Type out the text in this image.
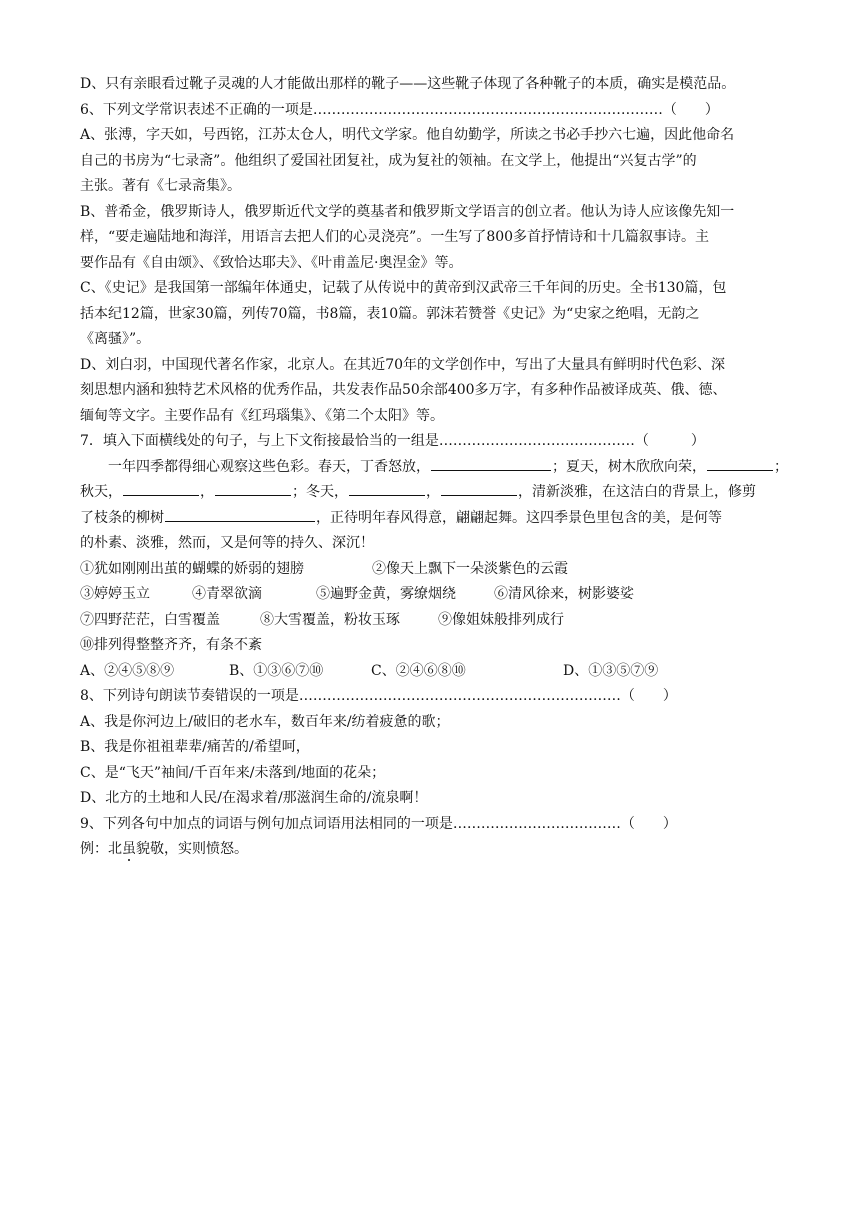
D、只有亲眼看过靴子灵魂的人才能做出那样的靴子——这些靴子体现了各种靴子的本质，确实是模范品。
6、下列文学常识表述不正确的一项是…………………………………………………………………（　　）
A、张溥，字天如，号西铭，江苏太仓人，明代文学家。他自幼勤学，所读之书必手抄六七遍，因此他命名
自己的书房为“七录斋”。他组织了爱国社团复社，成为复社的领袖。在文学上，他提出“兴复古学”的
主张。著有《七录斋集》。
B、普希金，俄罗斯诗人，俄罗斯近代文学的奠基者和俄罗斯文学语言的创立者。他认为诗人应该像先知一
样，“要走遍陆地和海洋，用语言去把人们的心灵浇亮”。一生写了800多首抒情诗和十几篇叙事诗。主
要作品有《自由颂》、《致恰达耶夫》、《叶甫盖尼·奥涅金》等。
C、《史记》是我国第一部编年体通史，记载了从传说中的黄帝到汉武帝三千年间的历史。全书130篇，包
括本纪12篇，世家30篇，列传70篇，书8篇，表10篇。郭沫若赞誉《史记》为“史家之绝唱，无韵之
《离骚》”。
D、刘白羽，中国现代著名作家，北京人。在其近70年的文学创作中，写出了大量具有鲜明时代色彩、深
刻思想内涵和独特艺术风格的优秀作品，共发表作品50余部400多万字，有多种作品被译成英、俄、德、
缅甸等文字。主要作品有《红玛瑙集》、《第二个太阳》等。
7．填入下面横线处的句子，与上下文衔接最恰当的一组是……………………………………（　　　）
一年四季都得细心观察这些色彩。春天，丁香怒放，	；夏天，树木欣欣向荣，	；
秋天，	，	；冬天，	，	，清新淡雅，在这洁白的背景上，修剪
了枝条的柳树	，正待明年春风得意，翩翩起舞。这四季景色里包含的美，是何等
的朴素、淡雅，然而，又是何等的持久、深沉！
①犹如刚刚出茧的蝴蝶的娇弱的翅膀	②像天上飘下一朵淡紫色的云霞
③婷婷玉立	④青翠欲滴	⑤遍野金黄，雾缭烟绕	⑥清风徐来，树影婆娑
⑦四野茫茫，白雪覆盖	⑧大雪覆盖，粉妆玉琢	⑨像姐妹般排列成行
⑩排列得整整齐齐，有条不紊
A、②④⑤⑧⑨	B、①③⑥⑦⑩	C、②④⑥⑧⑩	D、①③⑤⑦⑨
8、下列诗句朗读节奏错误的一项是……………………………………………………………（　　）
A、我是你河边上/破旧的老水车，数百年来/纺着疲惫的歌；
B、我是你祖祖辈辈/痛苦的/希望呵，
C、是“飞天”袖间/千百年来/未落到/地面的花朵；
D、北方的土地和人民/在渴求着/那滋润生命的/流泉啊！
9、下列各句中加点的词语与例句加点词语用法相同的一项是………………………………（　　）
例：北虽貌敬，实则愤怒。
